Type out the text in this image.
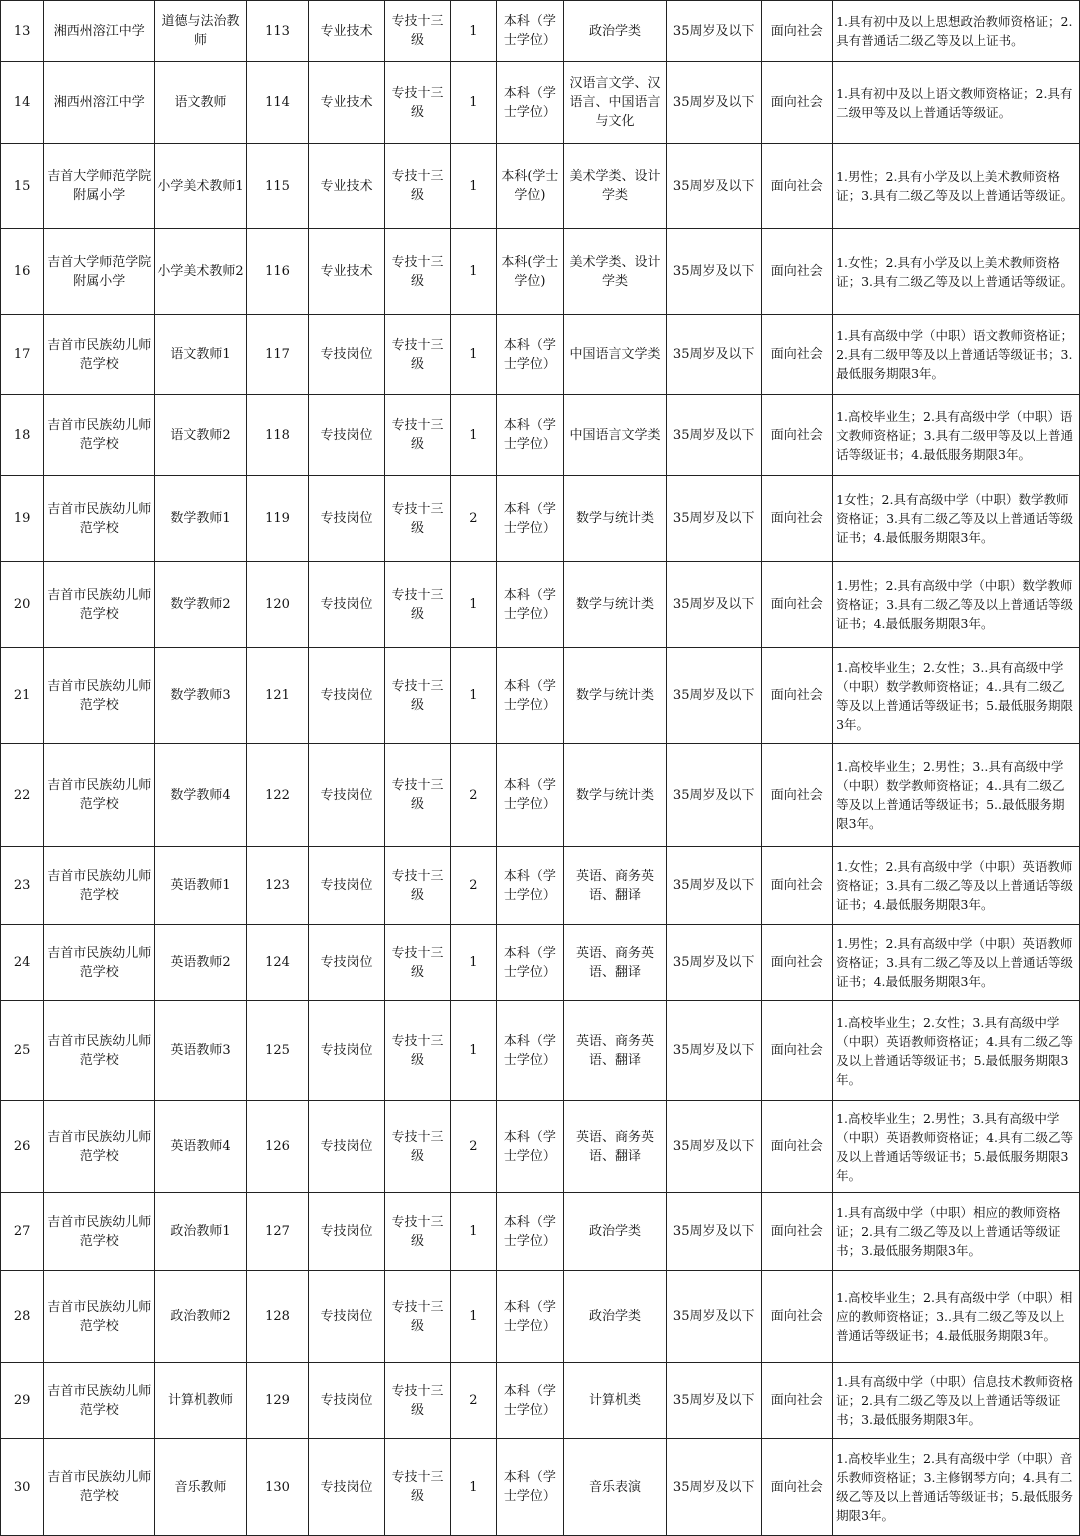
13	湘西州溶江中学	道德与法治教师	113	专业技术	专技十三级	1	本科（学士学位）	政治学类	35周岁及以下	面向社会	1.具有初中及以上思想政治教师资格证；2.具有普通话二级乙等及以上证书。
14	湘西州溶江中学	语文教师	114	专业技术	专技十三级	1	本科（学士学位）	汉语言文学、汉语言、中国语言与文化	35周岁及以下	面向社会	1.具有初中及以上语文教师资格证；2.具有二级甲等及以上普通话等级证。
15	吉首大学师范学院附属小学	小学美术教师1	115	专业技术	专技十三级	1	本科(学士学位)	美术学类、设计学类	35周岁及以下	面向社会	1.男性；2.具有小学及以上美术教师资格证；3.具有二级乙等及以上普通话等级证。
16	吉首大学师范学院附属小学	小学美术教师2	116	专业技术	专技十三级	1	本科(学士学位)	美术学类、设计学类	35周岁及以下	面向社会	1.女性；2.具有小学及以上美术教师资格证；3.具有二级乙等及以上普通话等级证。
17	吉首市民族幼儿师范学校	语文教师1	117	专技岗位	专技十三级	1	本科（学士学位）	中国语言文学类	35周岁及以下	面向社会	1.具有高级中学（中职）语文教师资格证；2.具有二级甲等及以上普通话等级证书；3.最低服务期限3年。
18	吉首市民族幼儿师范学校	语文教师2	118	专技岗位	专技十三级	1	本科（学士学位）	中国语言文学类	35周岁及以下	面向社会	1.高校毕业生；2.具有高级中学（中职）语文教师资格证；3.具有二级甲等及以上普通话等级证书；4.最低服务期限3年。
19	吉首市民族幼儿师范学校	数学教师1	119	专技岗位	专技十三级	2	本科（学士学位）	数学与统计类	35周岁及以下	面向社会	1女性；2.具有高级中学（中职）数学教师资格证；3.具有二级乙等及以上普通话等级证书；4.最低服务期限3年。
20	吉首市民族幼儿师范学校	数学教师2	120	专技岗位	专技十三级	1	本科（学士学位）	数学与统计类	35周岁及以下	面向社会	1.男性；2.具有高级中学（中职）数学教师资格证；3.具有二级乙等及以上普通话等级证书；4.最低服务期限3年。
21	吉首市民族幼儿师范学校	数学教师3	121	专技岗位	专技十三级	1	本科（学士学位）	数学与统计类	35周岁及以下	面向社会	1.高校毕业生；2.女性；3..具有高级中学（中职）数学教师资格证；4..具有二级乙等及以上普通话等级证书；5.最低服务期限3年。
22	吉首市民族幼儿师范学校	数学教师4	122	专技岗位	专技十三级	2	本科（学士学位）	数学与统计类	35周岁及以下	面向社会	1.高校毕业生；2.男性；3..具有高级中学（中职）数学教师资格证；4..具有二级乙等及以上普通话等级证书；5..最低服务期限3年。
23	吉首市民族幼儿师范学校	英语教师1	123	专技岗位	专技十三级	2	本科（学士学位）	英语、商务英语、翻译	35周岁及以下	面向社会	1.女性；2.具有高级中学（中职）英语教师资格证；3.具有二级乙等及以上普通话等级证书；4.最低服务期限3年。
24	吉首市民族幼儿师范学校	英语教师2	124	专技岗位	专技十三级	1	本科（学士学位）	英语、商务英语、翻译	35周岁及以下	面向社会	1.男性；2.具有高级中学（中职）英语教师资格证；3.具有二级乙等及以上普通话等级证书；4.最低服务期限3年。
25	吉首市民族幼儿师范学校	英语教师3	125	专技岗位	专技十三级	1	本科（学士学位）	英语、商务英语、翻译	35周岁及以下	面向社会	1.高校毕业生；2.女性；3.具有高级中学（中职）英语教师资格证；4.具有二级乙等及以上普通话等级证书；5.最低服务期限3年。
26	吉首市民族幼儿师范学校	英语教师4	126	专技岗位	专技十三级	2	本科（学士学位）	英语、商务英语、翻译	35周岁及以下	面向社会	1.高校毕业生；2.男性；3.具有高级中学（中职）英语教师资格证；4.具有二级乙等及以上普通话等级证书；5.最低服务期限3年。
27	吉首市民族幼儿师范学校	政治教师1	127	专技岗位	专技十三级	1	本科（学士学位）	政治学类	35周岁及以下	面向社会	1.具有高级中学（中职）相应的教师资格证；2.具有二级乙等及以上普通话等级证书；3.最低服务期限3年。
28	吉首市民族幼儿师范学校	政治教师2	128	专技岗位	专技十三级	1	本科（学士学位）	政治学类	35周岁及以下	面向社会	1.高校毕业生；2.具有高级中学（中职）相应的教师资格证；3..具有二级乙等及以上普通话等级证书；4.最低服务期限3年。
29	吉首市民族幼儿师范学校	计算机教师	129	专技岗位	专技十三级	2	本科（学士学位）	计算机类	35周岁及以下	面向社会	1.具有高级中学（中职）信息技术教师资格证；2.具有二级乙等及以上普通话等级证书；3.最低服务期限3年。
30	吉首市民族幼儿师范学校	音乐教师	130	专技岗位	专技十三级	1	本科（学士学位）	音乐表演	35周岁及以下	面向社会	1.高校毕业生；2.具有高级中学（中职）音乐教师资格证；3.主修钢琴方向；4.具有二级乙等及以上普通话等级证书；5.最低服务期限3年。
